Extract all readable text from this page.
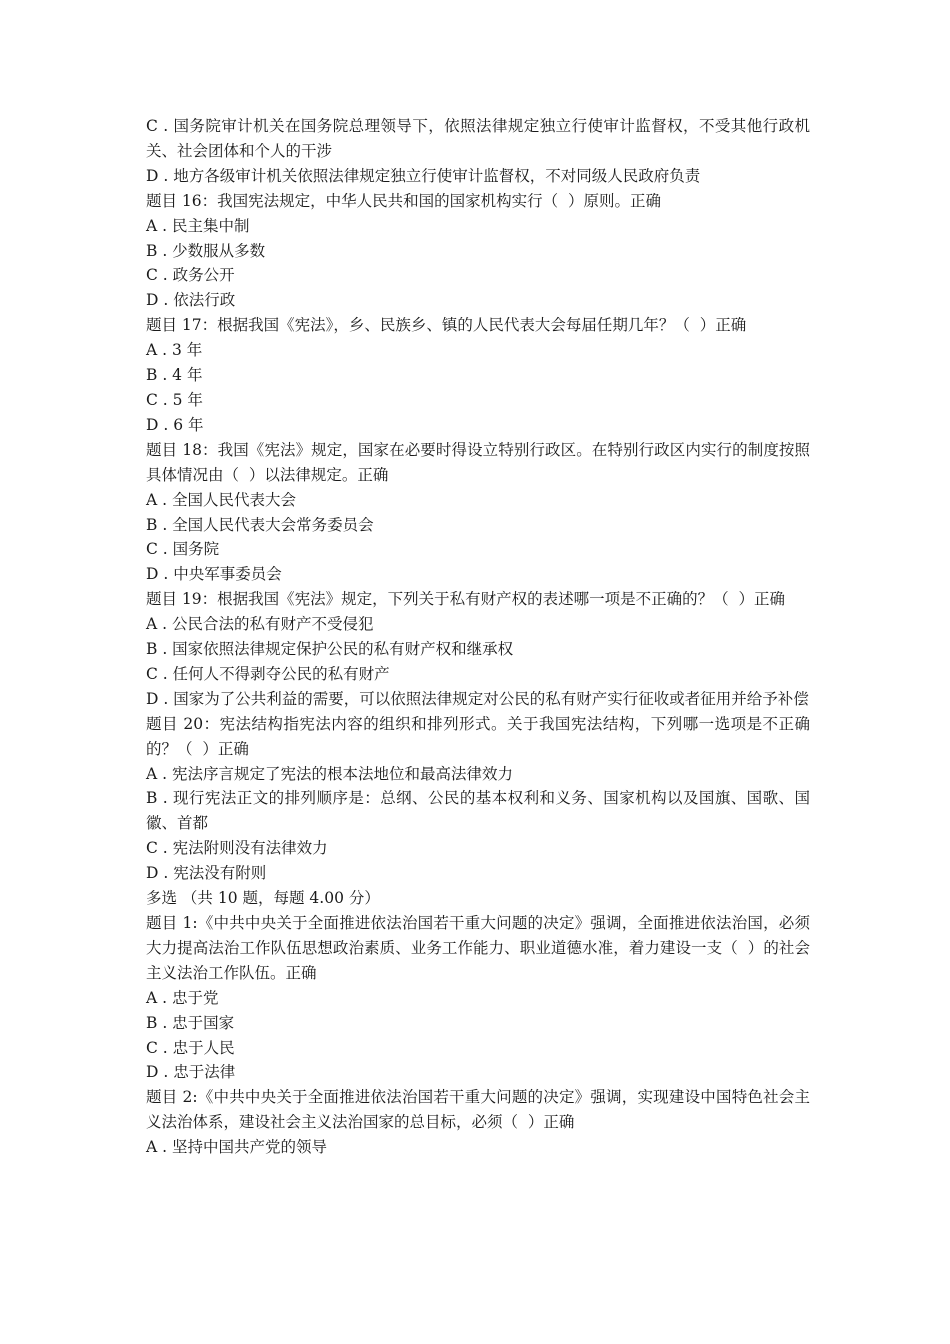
C . 国务院审计机关在国务院总理领导下，依照法律规定独立行使审计监督权，不受其他行政机关、社会团体和个人的干涉
D . 地方各级审计机关依照法律规定独立行使审计监督权，不对同级人民政府负责
题目 16：我国宪法规定，中华人民共和国的国家机构实行（  ）原则。正确
A . 民主集中制
B . 少数服从多数
C . 政务公开
D . 依法行政
题目 17：根据我国《宪法》，乡、民族乡、镇的人民代表大会每届任期几年？（  ）正确
A . 3 年
B . 4 年
C . 5 年
D . 6 年
题目 18：我国《宪法》规定，国家在必要时得设立特别行政区。在特别行政区内实行的制度按照具体情况由（  ）以法律规定。正确
A . 全国人民代表大会
B . 全国人民代表大会常务委员会
C . 国务院
D . 中央军事委员会
题目 19：根据我国《宪法》规定，下列关于私有财产权的表述哪一项是不正确的？（  ）正确
A . 公民合法的私有财产不受侵犯
B . 国家依照法律规定保护公民的私有财产权和继承权
C . 任何人不得剥夺公民的私有财产
D . 国家为了公共利益的需要，可以依照法律规定对公民的私有财产实行征收或者征用并给予补偿
题目 20：宪法结构指宪法内容的组织和排列形式。关于我国宪法结构，下列哪一选项是不正确的？（  ）正确
A . 宪法序言规定了宪法的根本法地位和最高法律效力
B . 现行宪法正文的排列顺序是：总纲、公民的基本权利和义务、国家机构以及国旗、国歌、国徽、首都
C . 宪法附则没有法律效力
D . 宪法没有附则
多选 （共 10 题，每题 4.00 分）
题目 1:《中共中央关于全面推进依法治国若干重大问题的决定》强调，全面推进依法治国，必须大力提高法治工作队伍思想政治素质、业务工作能力、职业道德水准，着力建设一支（  ）的社会主义法治工作队伍。正确
A . 忠于党
B . 忠于国家
C . 忠于人民
D . 忠于法律
题目 2:《中共中央关于全面推进依法治国若干重大问题的决定》强调，实现建设中国特色社会主义法治体系，建设社会主义法治国家的总目标，必须（  ）正确
A . 坚持中国共产党的领导
